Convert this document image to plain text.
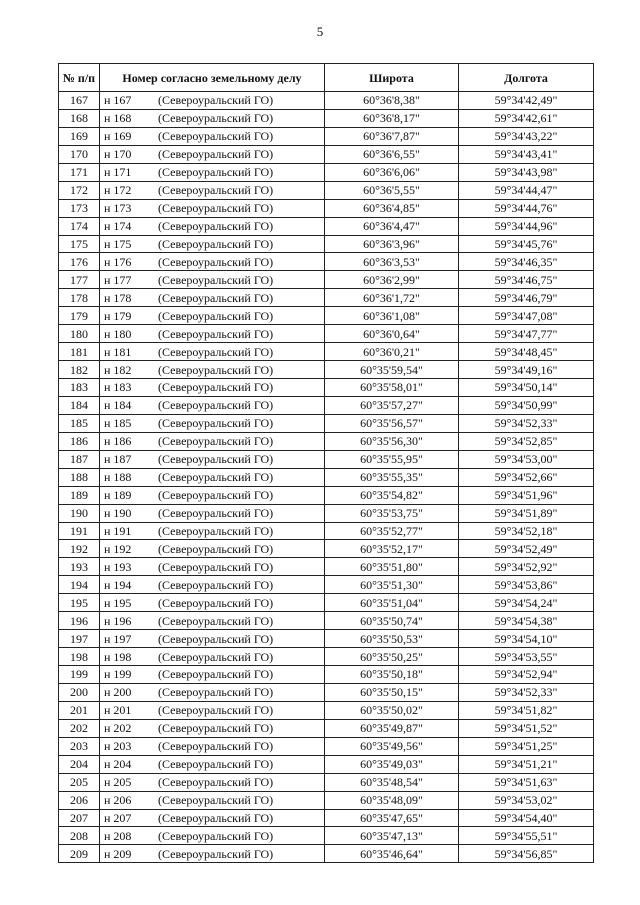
5
№ п/п	Номер согласно земельному делу	Широта	Долгота
167	н 167 (Североуральский ГО)	60°36'8,38"	59°34'42,49"
168	н 168 (Североуральский ГО)	60°36'8,17"	59°34'42,61"
169	н 169 (Североуральский ГО)	60°36'7,87"	59°34'43,22"
170	н 170 (Североуральский ГО)	60°36'6,55"	59°34'43,41"
171	н 171 (Североуральский ГО)	60°36'6,06"	59°34'43,98"
172	н 172 (Североуральский ГО)	60°36'5,55"	59°34'44,47"
173	н 173 (Североуральский ГО)	60°36'4,85"	59°34'44,76"
174	н 174 (Североуральский ГО)	60°36'4,47"	59°34'44,96"
175	н 175 (Североуральский ГО)	60°36'3,96"	59°34'45,76"
176	н 176 (Североуральский ГО)	60°36'3,53"	59°34'46,35"
177	н 177 (Североуральский ГО)	60°36'2,99"	59°34'46,75"
178	н 178 (Североуральский ГО)	60°36'1,72"	59°34'46,79"
179	н 179 (Североуральский ГО)	60°36'1,08"	59°34'47,08"
180	н 180 (Североуральский ГО)	60°36'0,64"	59°34'47,77"
181	н 181 (Североуральский ГО)	60°36'0,21"	59°34'48,45"
182	н 182 (Североуральский ГО)	60°35'59,54"	59°34'49,16"
183	н 183 (Североуральский ГО)	60°35'58,01"	59°34'50,14"
184	н 184 (Североуральский ГО)	60°35'57,27"	59°34'50,99"
185	н 185 (Североуральский ГО)	60°35'56,57"	59°34'52,33"
186	н 186 (Североуральский ГО)	60°35'56,30"	59°34'52,85"
187	н 187 (Североуральский ГО)	60°35'55,95"	59°34'53,00"
188	н 188 (Североуральский ГО)	60°35'55,35"	59°34'52,66"
189	н 189 (Североуральский ГО)	60°35'54,82"	59°34'51,96"
190	н 190 (Североуральский ГО)	60°35'53,75"	59°34'51,89"
191	н 191 (Североуральский ГО)	60°35'52,77"	59°34'52,18"
192	н 192 (Североуральский ГО)	60°35'52,17"	59°34'52,49"
193	н 193 (Североуральский ГО)	60°35'51,80"	59°34'52,92"
194	н 194 (Североуральский ГО)	60°35'51,30"	59°34'53,86"
195	н 195 (Североуральский ГО)	60°35'51,04"	59°34'54,24"
196	н 196 (Североуральский ГО)	60°35'50,74"	59°34'54,38"
197	н 197 (Североуральский ГО)	60°35'50,53"	59°34'54,10"
198	н 198 (Североуральский ГО)	60°35'50,25"	59°34'53,55"
199	н 199 (Североуральский ГО)	60°35'50,18"	59°34'52,94"
200	н 200 (Североуральский ГО)	60°35'50,15"	59°34'52,33"
201	н 201 (Североуральский ГО)	60°35'50,02"	59°34'51,82"
202	н 202 (Североуральский ГО)	60°35'49,87"	59°34'51,52"
203	н 203 (Североуральский ГО)	60°35'49,56"	59°34'51,25"
204	н 204 (Североуральский ГО)	60°35'49,03"	59°34'51,21"
205	н 205 (Североуральский ГО)	60°35'48,54"	59°34'51,63"
206	н 206 (Североуральский ГО)	60°35'48,09"	59°34'53,02"
207	н 207 (Североуральский ГО)	60°35'47,65"	59°34'54,40"
208	н 208 (Североуральский ГО)	60°35'47,13"	59°34'55,51"
209	н 209 (Североуральский ГО)	60°35'46,64"	59°34'56,85"
